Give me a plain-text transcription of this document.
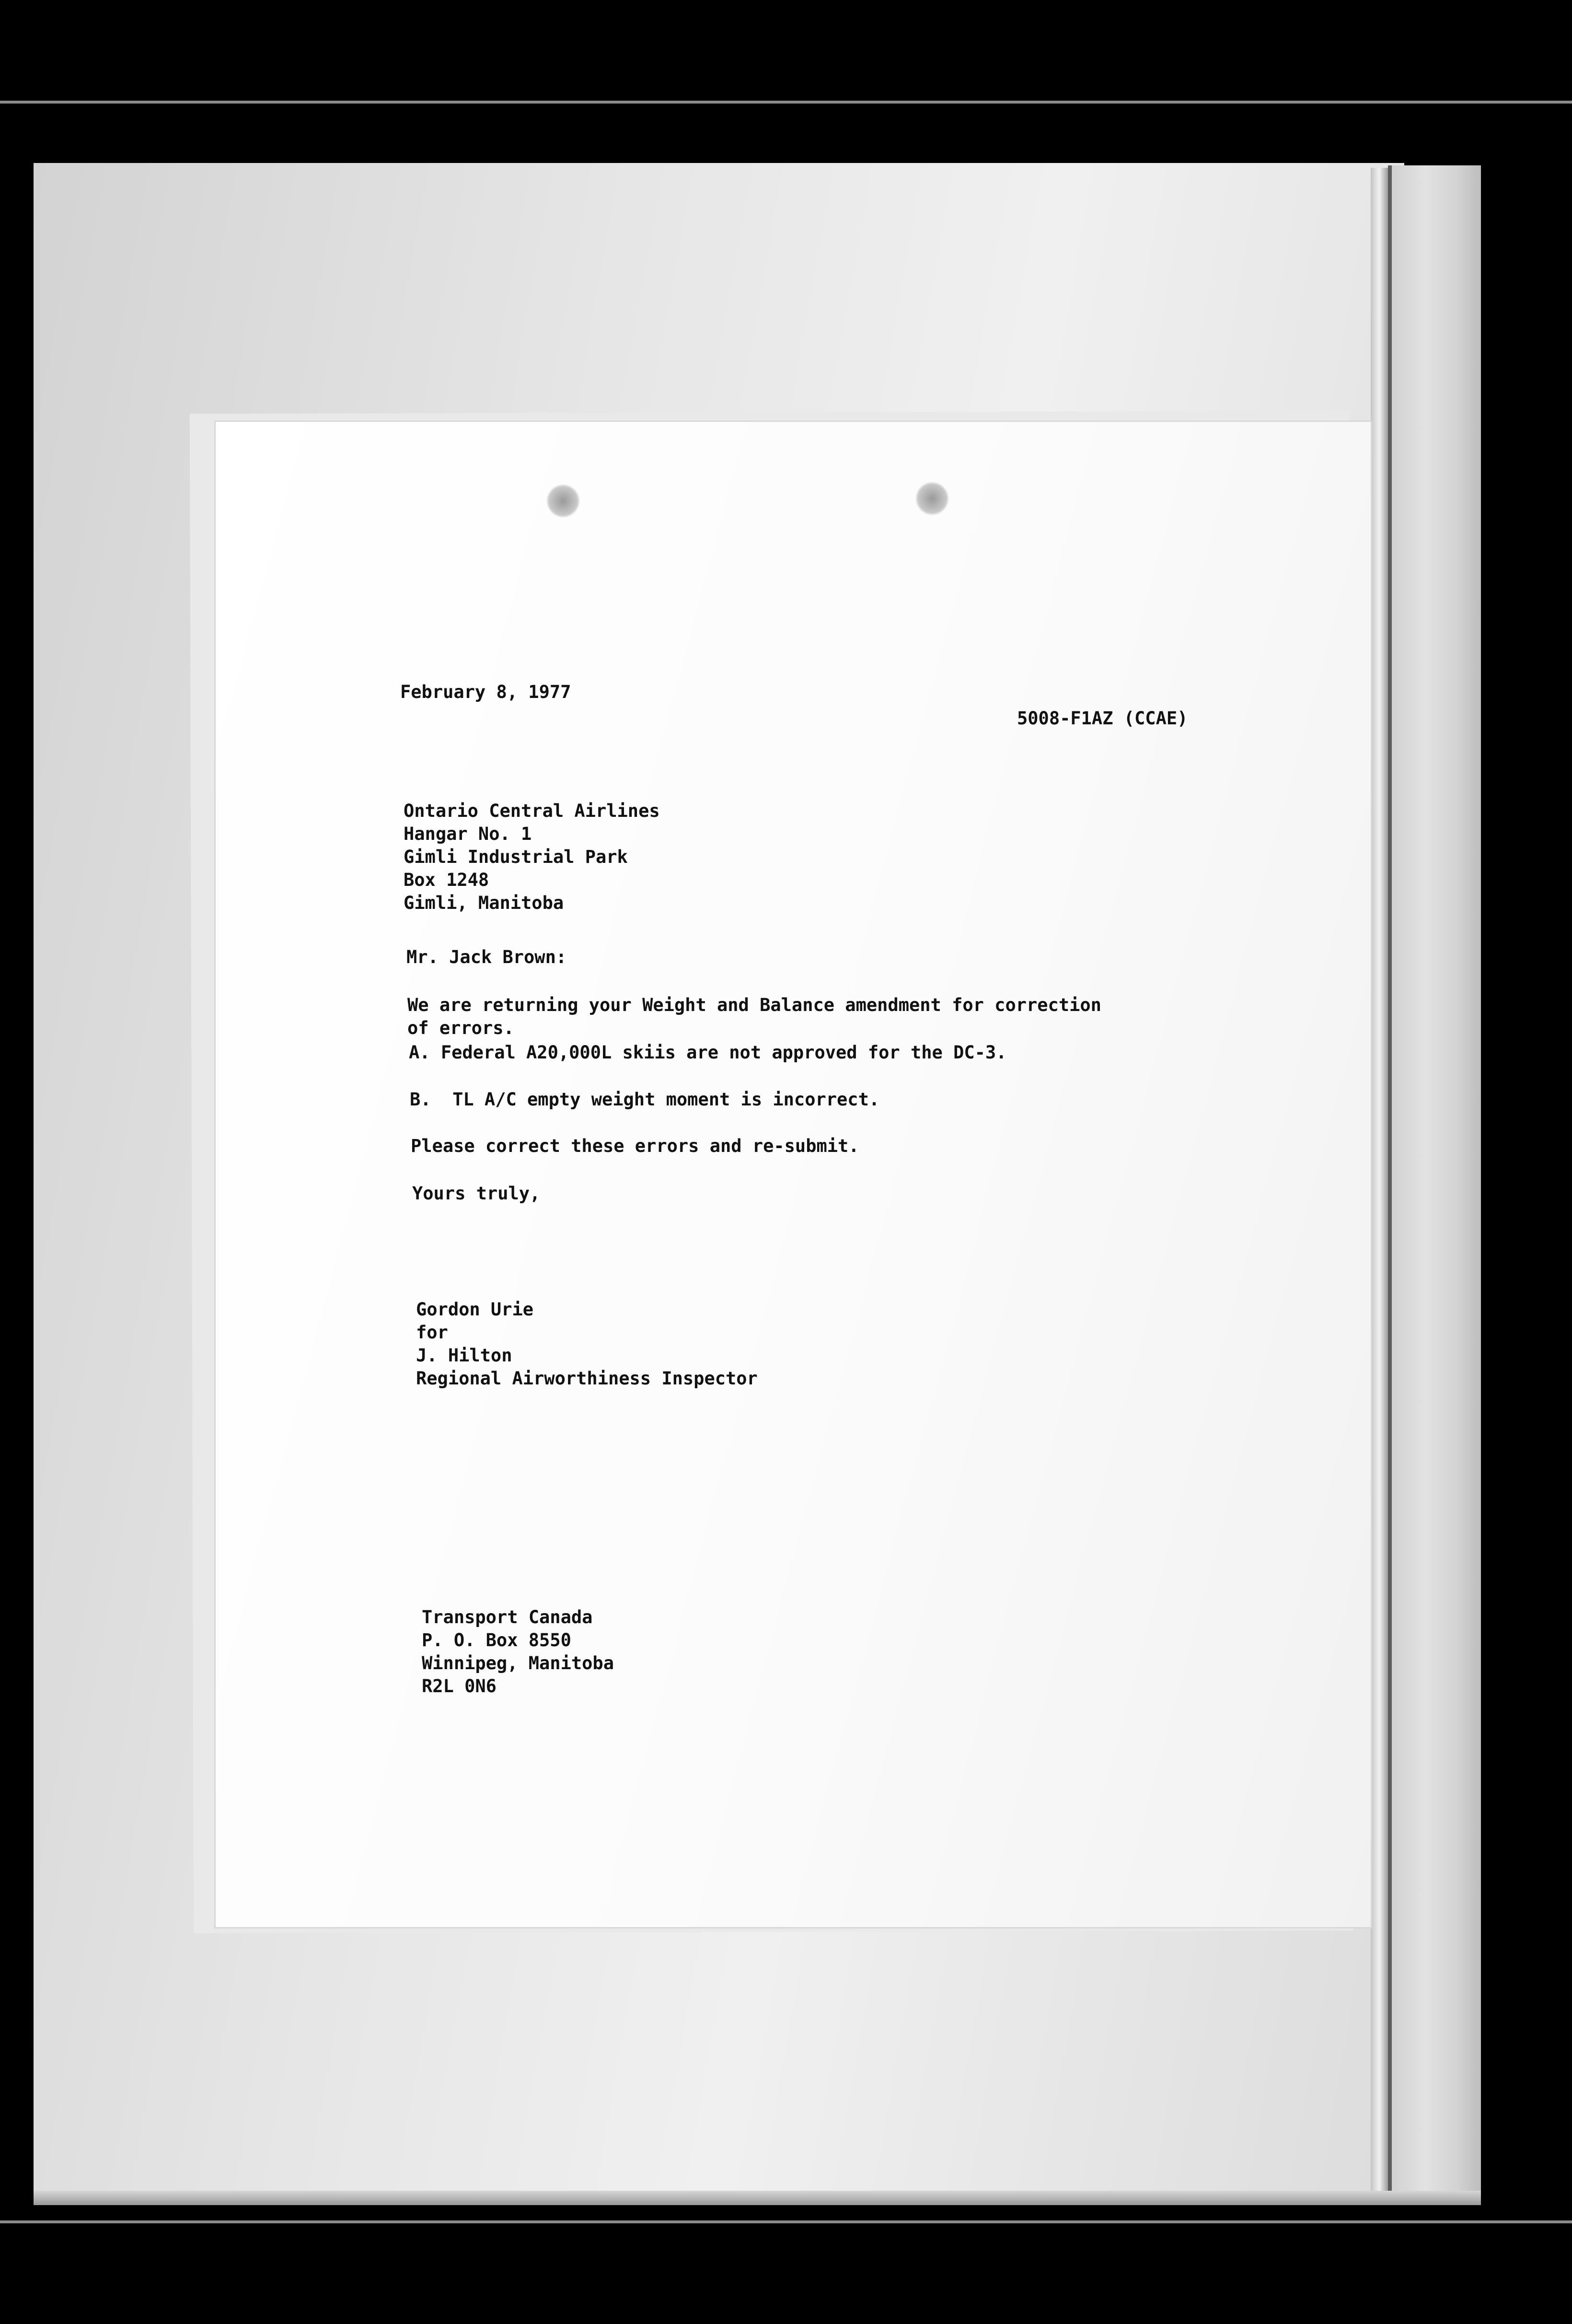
February 8, 1977
5008-F1AZ (CCAE)
Ontario Central Airlines
Hangar No. 1
Gimli Industrial Park
Box 1248
Gimli, Manitoba
Mr. Jack Brown:
We are returning your Weight and Balance amendment for correction
of errors.
A. Federal A20,000L skiis are not approved for the DC-3.
B.  TL A/C empty weight moment is incorrect.
Please correct these errors and re-submit.
Yours truly,
Gordon Urie
for
J. Hilton
Regional Airworthiness Inspector
Transport Canada
P. O. Box 8550
Winnipeg, Manitoba
R2L 0N6
